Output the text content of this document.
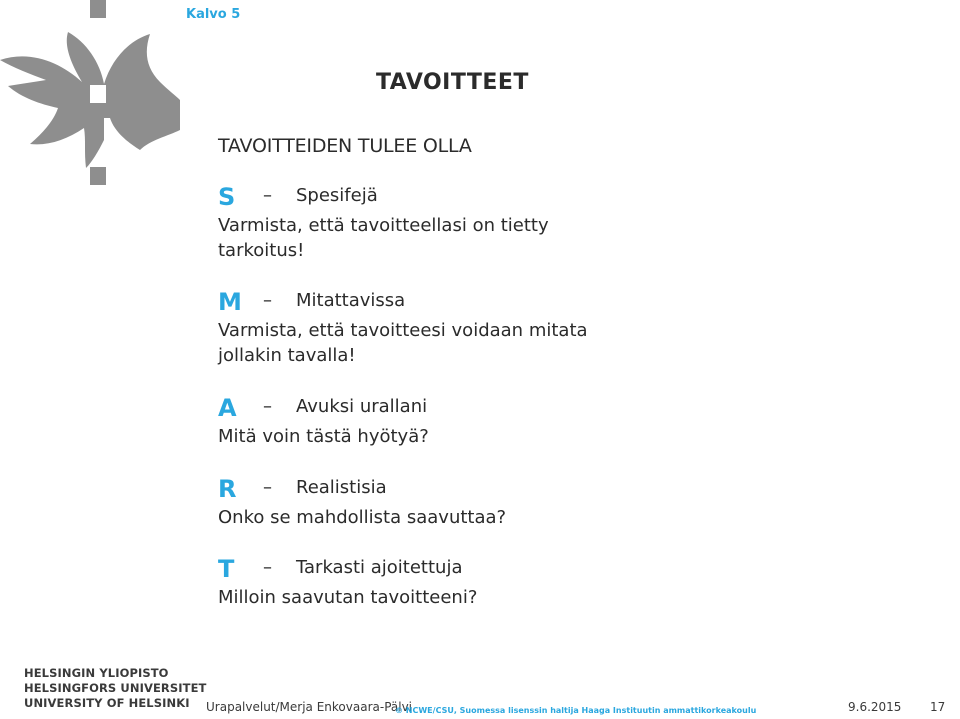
Kalvo 5
TAVOITTEET
TAVOITTEIDEN TULEE OLLA
S – Spesifejä
Varmista, että tavoitteellasi on tietty
tarkoitus!
M – Mitattavissa
Varmista, että tavoitteesi voidaan mitata
jollakin tavalla!
A – Avuksi urallani
Mitä voin tästä hyötyä?
R – Realistisia
Onko se mahdollista saavuttaa?
T – Tarkasti ajoitettuja
Milloin saavutan tavoitteeni?
HELSINGIN YLIOPISTO
HELSINGFORS UNIVERSITET
UNIVERSITY OF HELSINKI	Urapalvelut/Merja Enkovaara-Pälvi
© NCWE/CSU, Suomessa lisenssin haltija Haaga Instituutin ammattikorkeakoulu	9.6.2015 17
